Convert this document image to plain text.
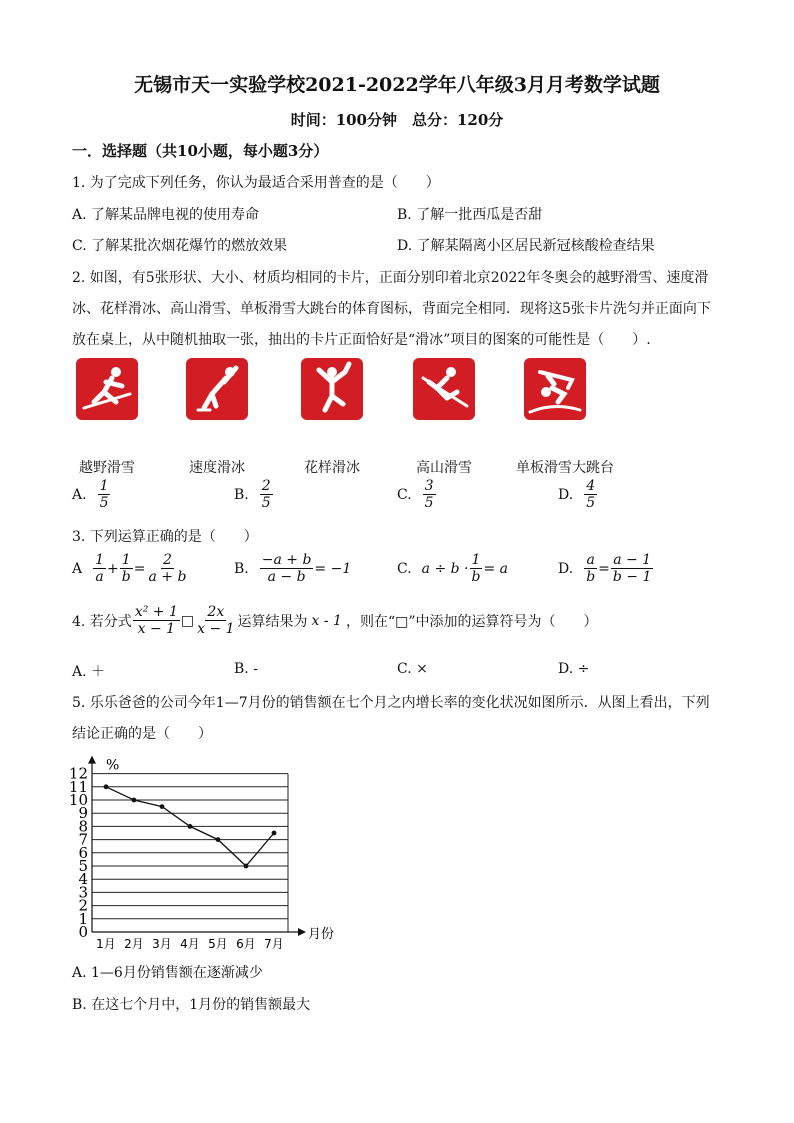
无锡市天一实验学校2021-2022学年八年级3月月考数学试题
时间：100分钟　总分：120分
一．选择题（共10小题，每小题3分）
1. 为了完成下列任务，你认为最适合采用普查的是（　　）
A. 了解某品牌电视的使用寿命	B. 了解一批西瓜是否甜
C. 了解某批次烟花爆竹的燃放效果	D. 了解某隔离小区居民新冠核酸检查结果
2. 如图，有5张形状、大小、材质均相同的卡片，正面分别印着北京2022年冬奥会的越野滑雪、速度滑
冰、花样滑冰、高山滑雪、单板滑雪大跳台的体育图标，背面完全相同．现将这5张卡片洗匀并正面向下
放在桌上，从中随机抽取一张，抽出的卡片正面恰好是“滑冰”项目的图案的可能性是（　　）.
越野滑雪	速度滑冰	花样滑冰	高山滑雪	单板滑雪大跳台
A. $\frac{1}{5}$	B. $\frac{2}{5}$	C. $\frac{3}{5}$	D. $\frac{4}{5}$
3. 下列运算正确的是（　　）
A $\frac{1}{a} + \frac{1}{b} = \frac{2}{a + b}$	B. $\frac{-a + b}{a - b} = -1$	C. $a \div b \cdot \frac{1}{b} = a$	D. $\frac{a}{b} = \frac{a - 1}{b - 1}$
4. 若分式 $\frac{\text{x² + 1}}{x - 1}$ □ $\frac{2x}{x - 1}$ 运算结果为 x - 1 ，则在“□”中添加的运算符号为（　　）
A. ＋	B. -	C. ×	D. ÷
5. 乐乐爸爸的公司今年1—7月份的销售额在七个月之内增长率的变化状况如图所示．从图上看出，下列
结论正确的是（　　）
0
1
2
3
4
5
6
7
8
9
10
11
12 %
1月 2月 3月 4月 5月 6月 7月
月份
A. 1—6月份销售额在逐渐减少
B. 在这七个月中，1月份的销售额最大
